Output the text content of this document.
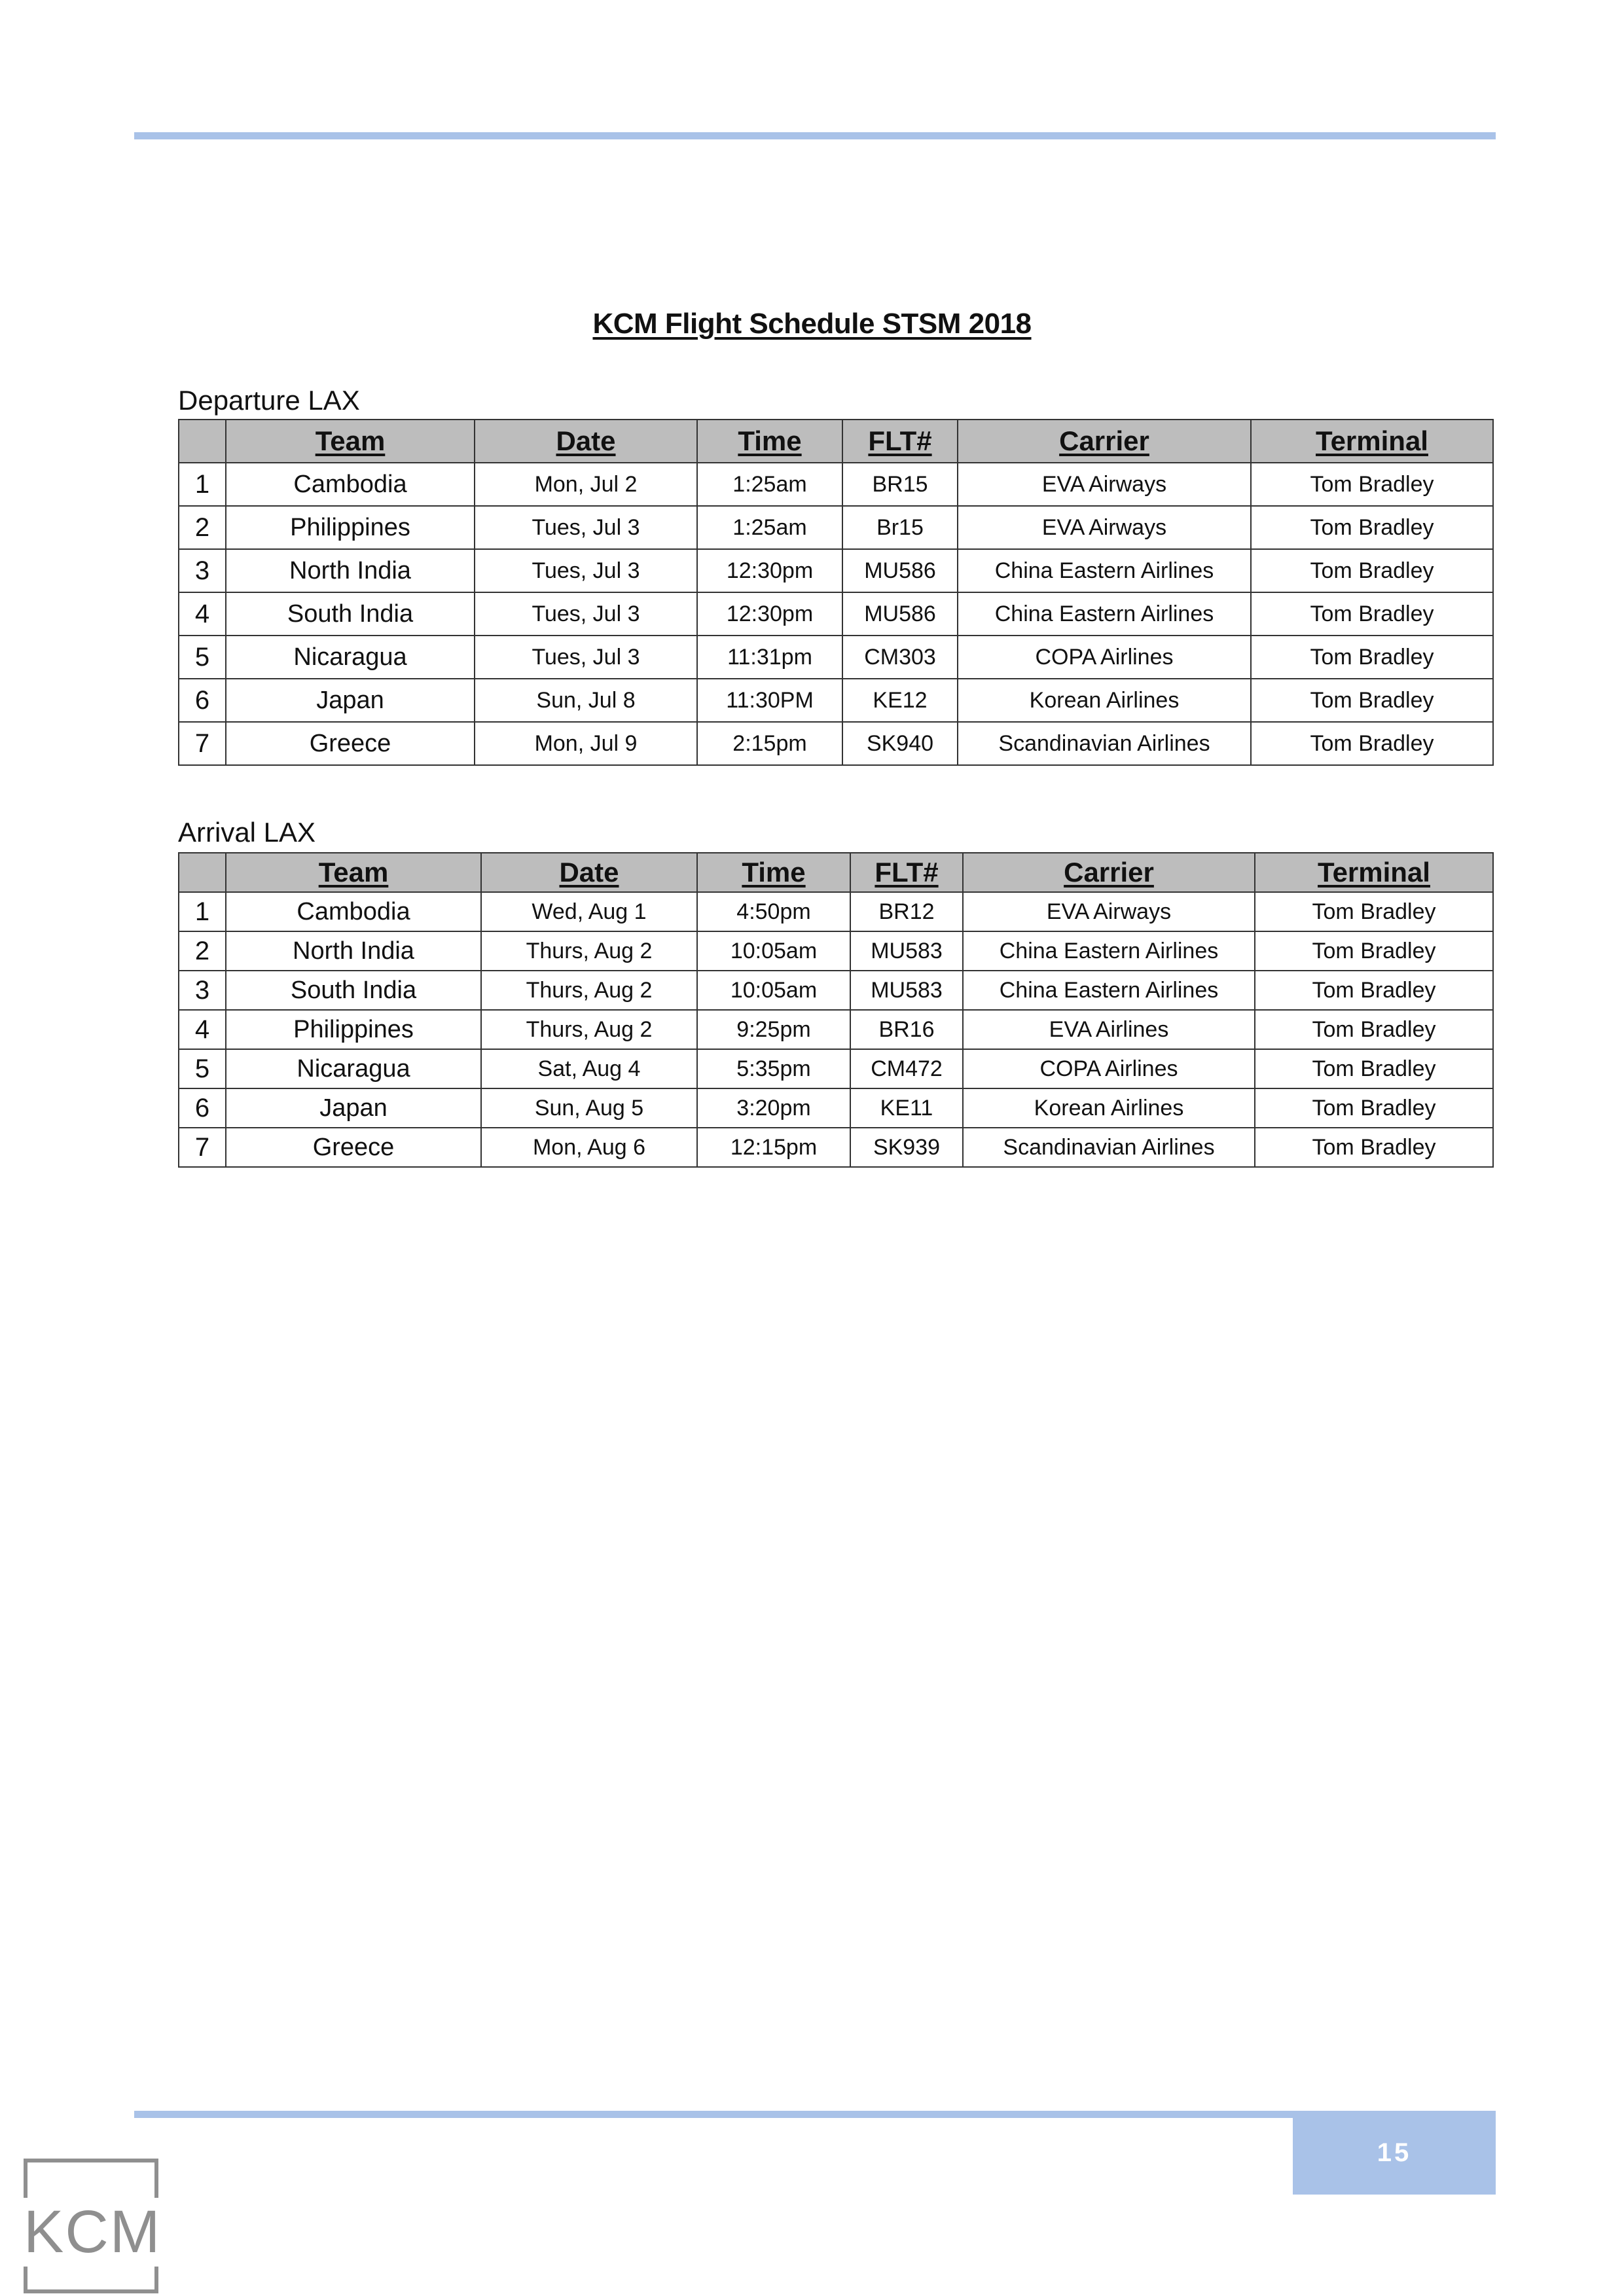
KCM Flight Schedule STSM 2018
Departure LAX
	Team	Date	Time	FLT#	Carrier	Terminal
1	Cambodia	Mon, Jul 2	1:25am	BR15	EVA Airways	Tom Bradley
2	Philippines	Tues, Jul 3	1:25am	Br15	EVA Airways	Tom Bradley
3	North India	Tues, Jul 3	12:30pm	MU586	China Eastern Airlines	Tom Bradley
4	South India	Tues, Jul 3	12:30pm	MU586	China Eastern Airlines	Tom Bradley
5	Nicaragua	Tues, Jul 3	11:31pm	CM303	COPA Airlines	Tom Bradley
6	Japan	Sun, Jul 8	11:30PM	KE12	Korean Airlines	Tom Bradley
7	Greece	Mon, Jul 9	2:15pm	SK940	Scandinavian Airlines	Tom Bradley
Arrival LAX
	Team	Date	Time	FLT#	Carrier	Terminal
1	Cambodia	Wed, Aug 1	4:50pm	BR12	EVA Airways	Tom Bradley
2	North India	Thurs, Aug 2	10:05am	MU583	China Eastern Airlines	Tom Bradley
3	South India	Thurs, Aug 2	10:05am	MU583	China Eastern Airlines	Tom Bradley
4	Philippines	Thurs, Aug 2	9:25pm	BR16	EVA Airlines	Tom Bradley
5	Nicaragua	Sat, Aug 4	5:35pm	CM472	COPA Airlines	Tom Bradley
6	Japan	Sun, Aug 5	3:20pm	KE11	Korean Airlines	Tom Bradley
7	Greece	Mon, Aug 6	12:15pm	SK939	Scandinavian Airlines	Tom Bradley
15
KCM
